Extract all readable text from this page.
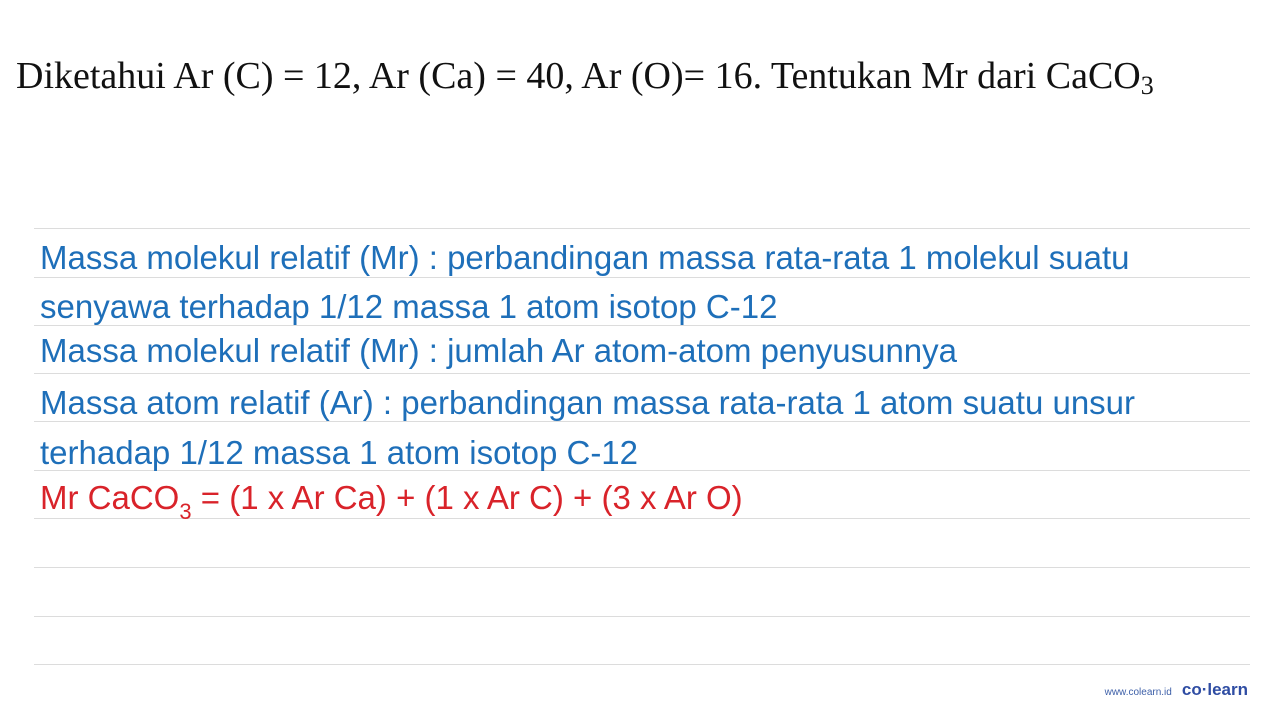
Diketahui Ar (C) = 12, Ar (Ca) = 40, Ar (O)= 16. Tentukan Mr dari CaCO3
Massa molekul relatif (Mr) : perbandingan massa rata-rata 1 molekul suatu
senyawa terhadap 1/12 massa 1 atom isotop C-12
Massa molekul relatif (Mr) : jumlah Ar atom-atom penyusunnya
Massa atom relatif (Ar) : perbandingan massa rata-rata 1 atom suatu unsur
terhadap 1/12 massa 1 atom isotop C-12
Mr CaCO$_3$ = (1 x Ar Ca) + (1 x Ar C) + (3 x Ar O)
www.colearn.id co·learn
